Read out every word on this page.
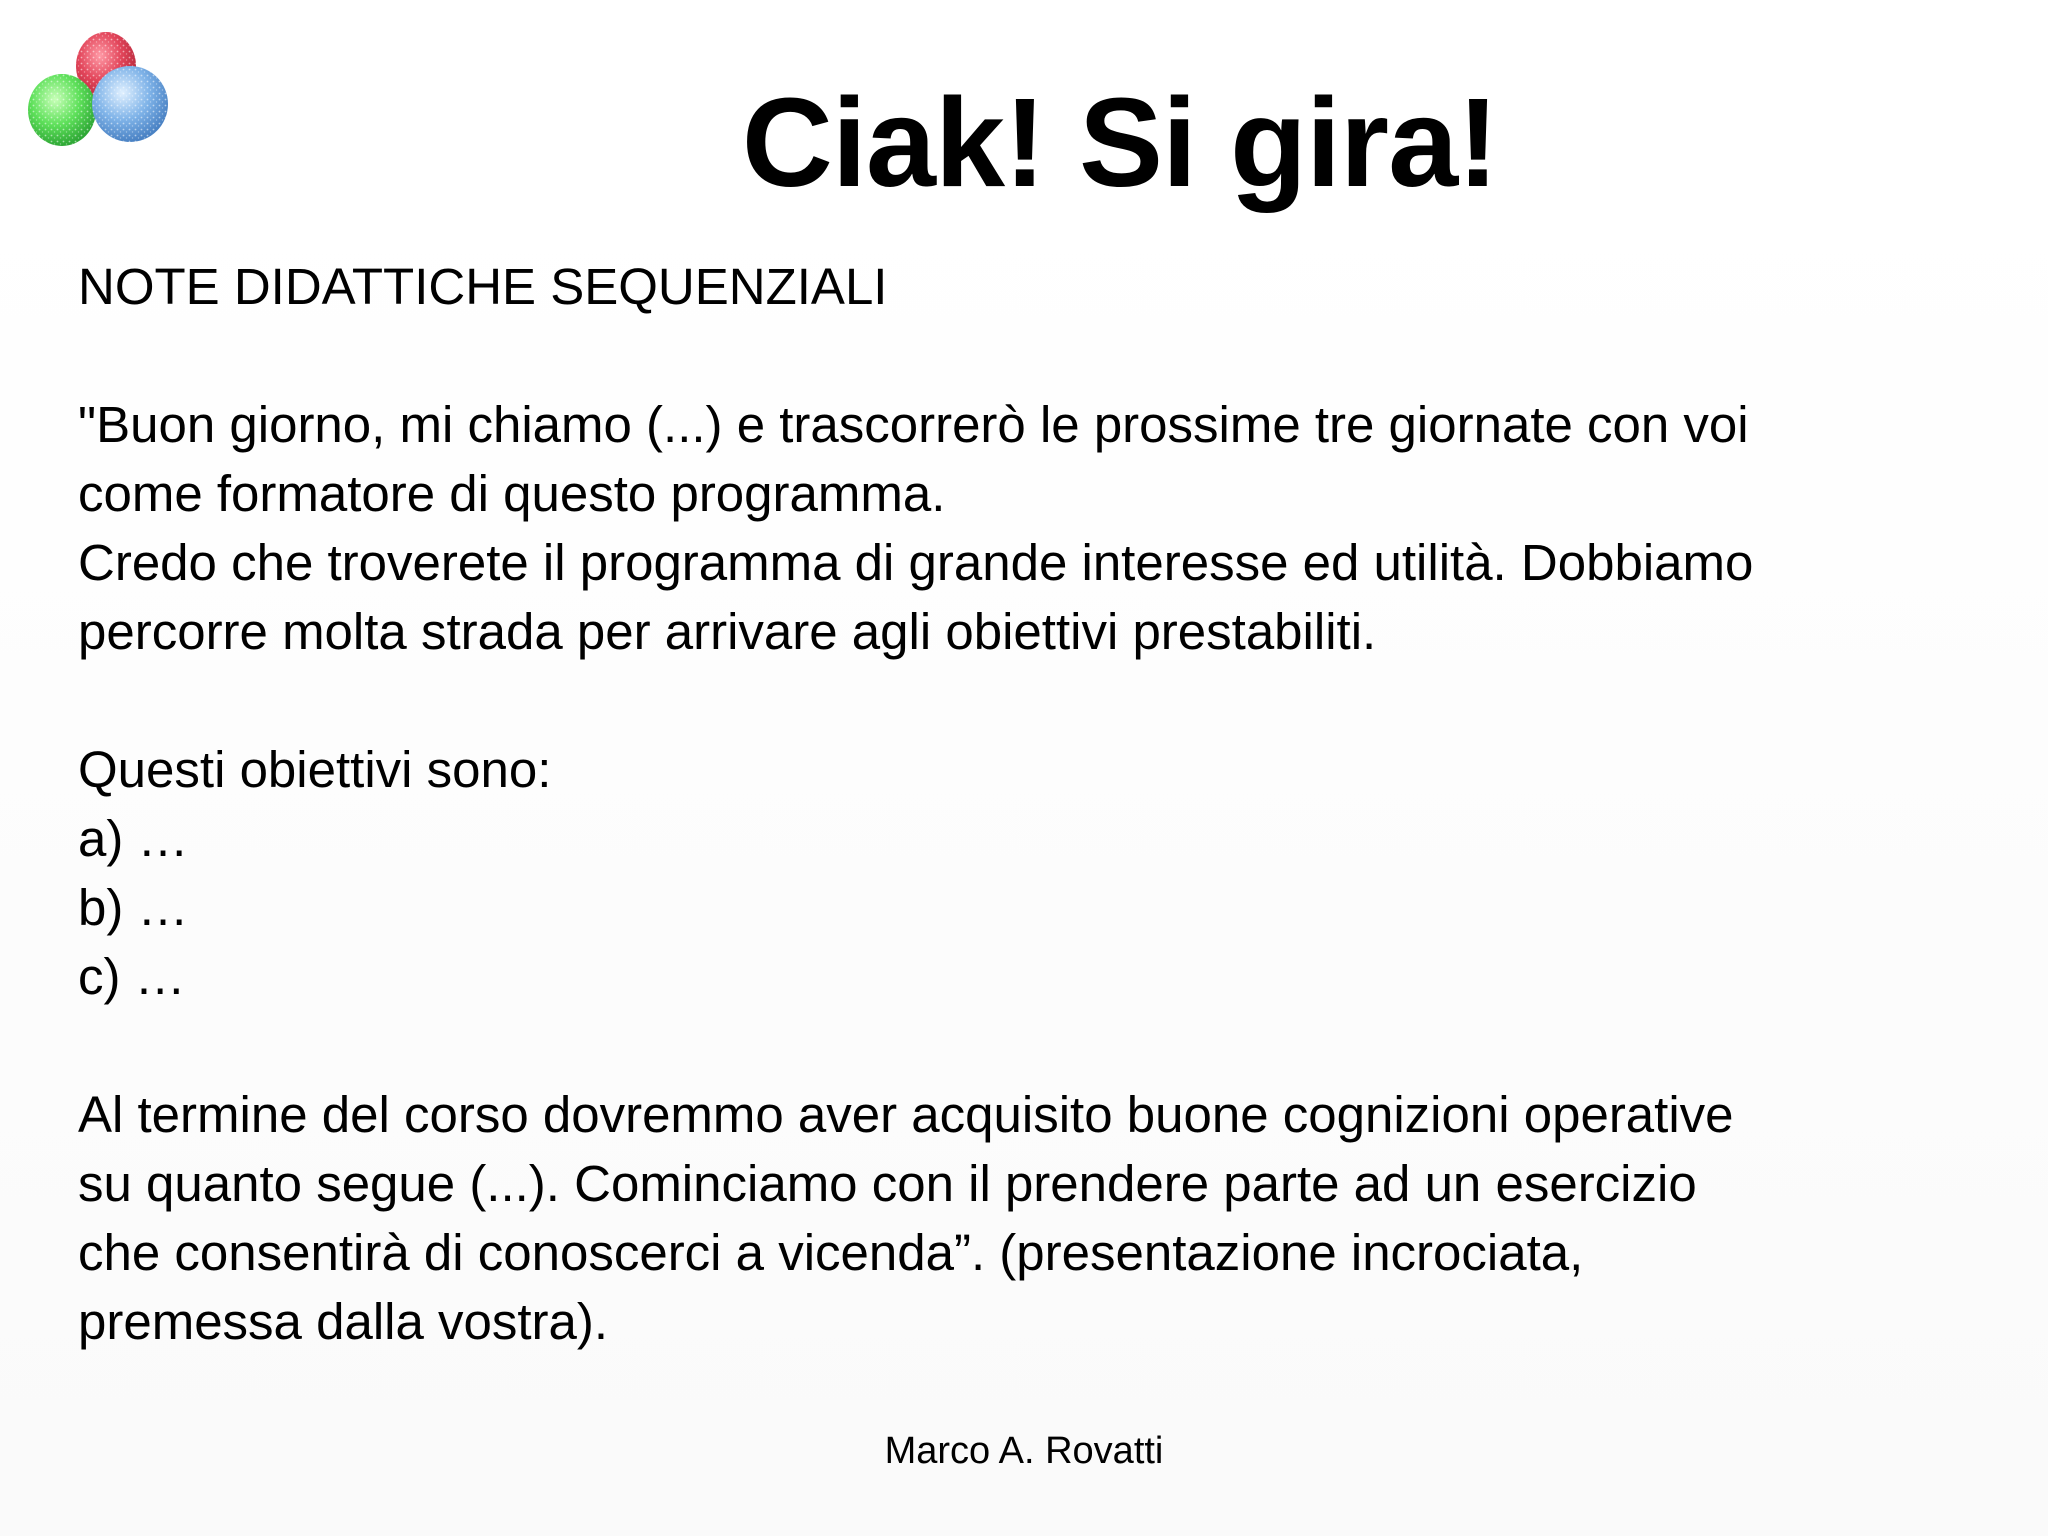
Ciak! Si gira!

NOTE DIDATTICHE SEQUENZIALI

"Buon giorno, mi chiamo (...) e trascorrerò le prossime tre giornate con voi

come formatore di questo programma.

Credo che troverete il programma di grande interesse ed utilità. Dobbiamo

percorre molta strada per arrivare agli obiettivi prestabiliti.

Questi obiettivi sono:

a) …

b) …

c) …

Al termine del corso dovremmo aver acquisito buone cognizioni operative

su quanto segue (...). Cominciamo con il prendere parte ad un esercizio

che consentirà di conoscerci a vicenda”. (presentazione incrociata,

premessa dalla vostra).

Marco A. Rovatti
